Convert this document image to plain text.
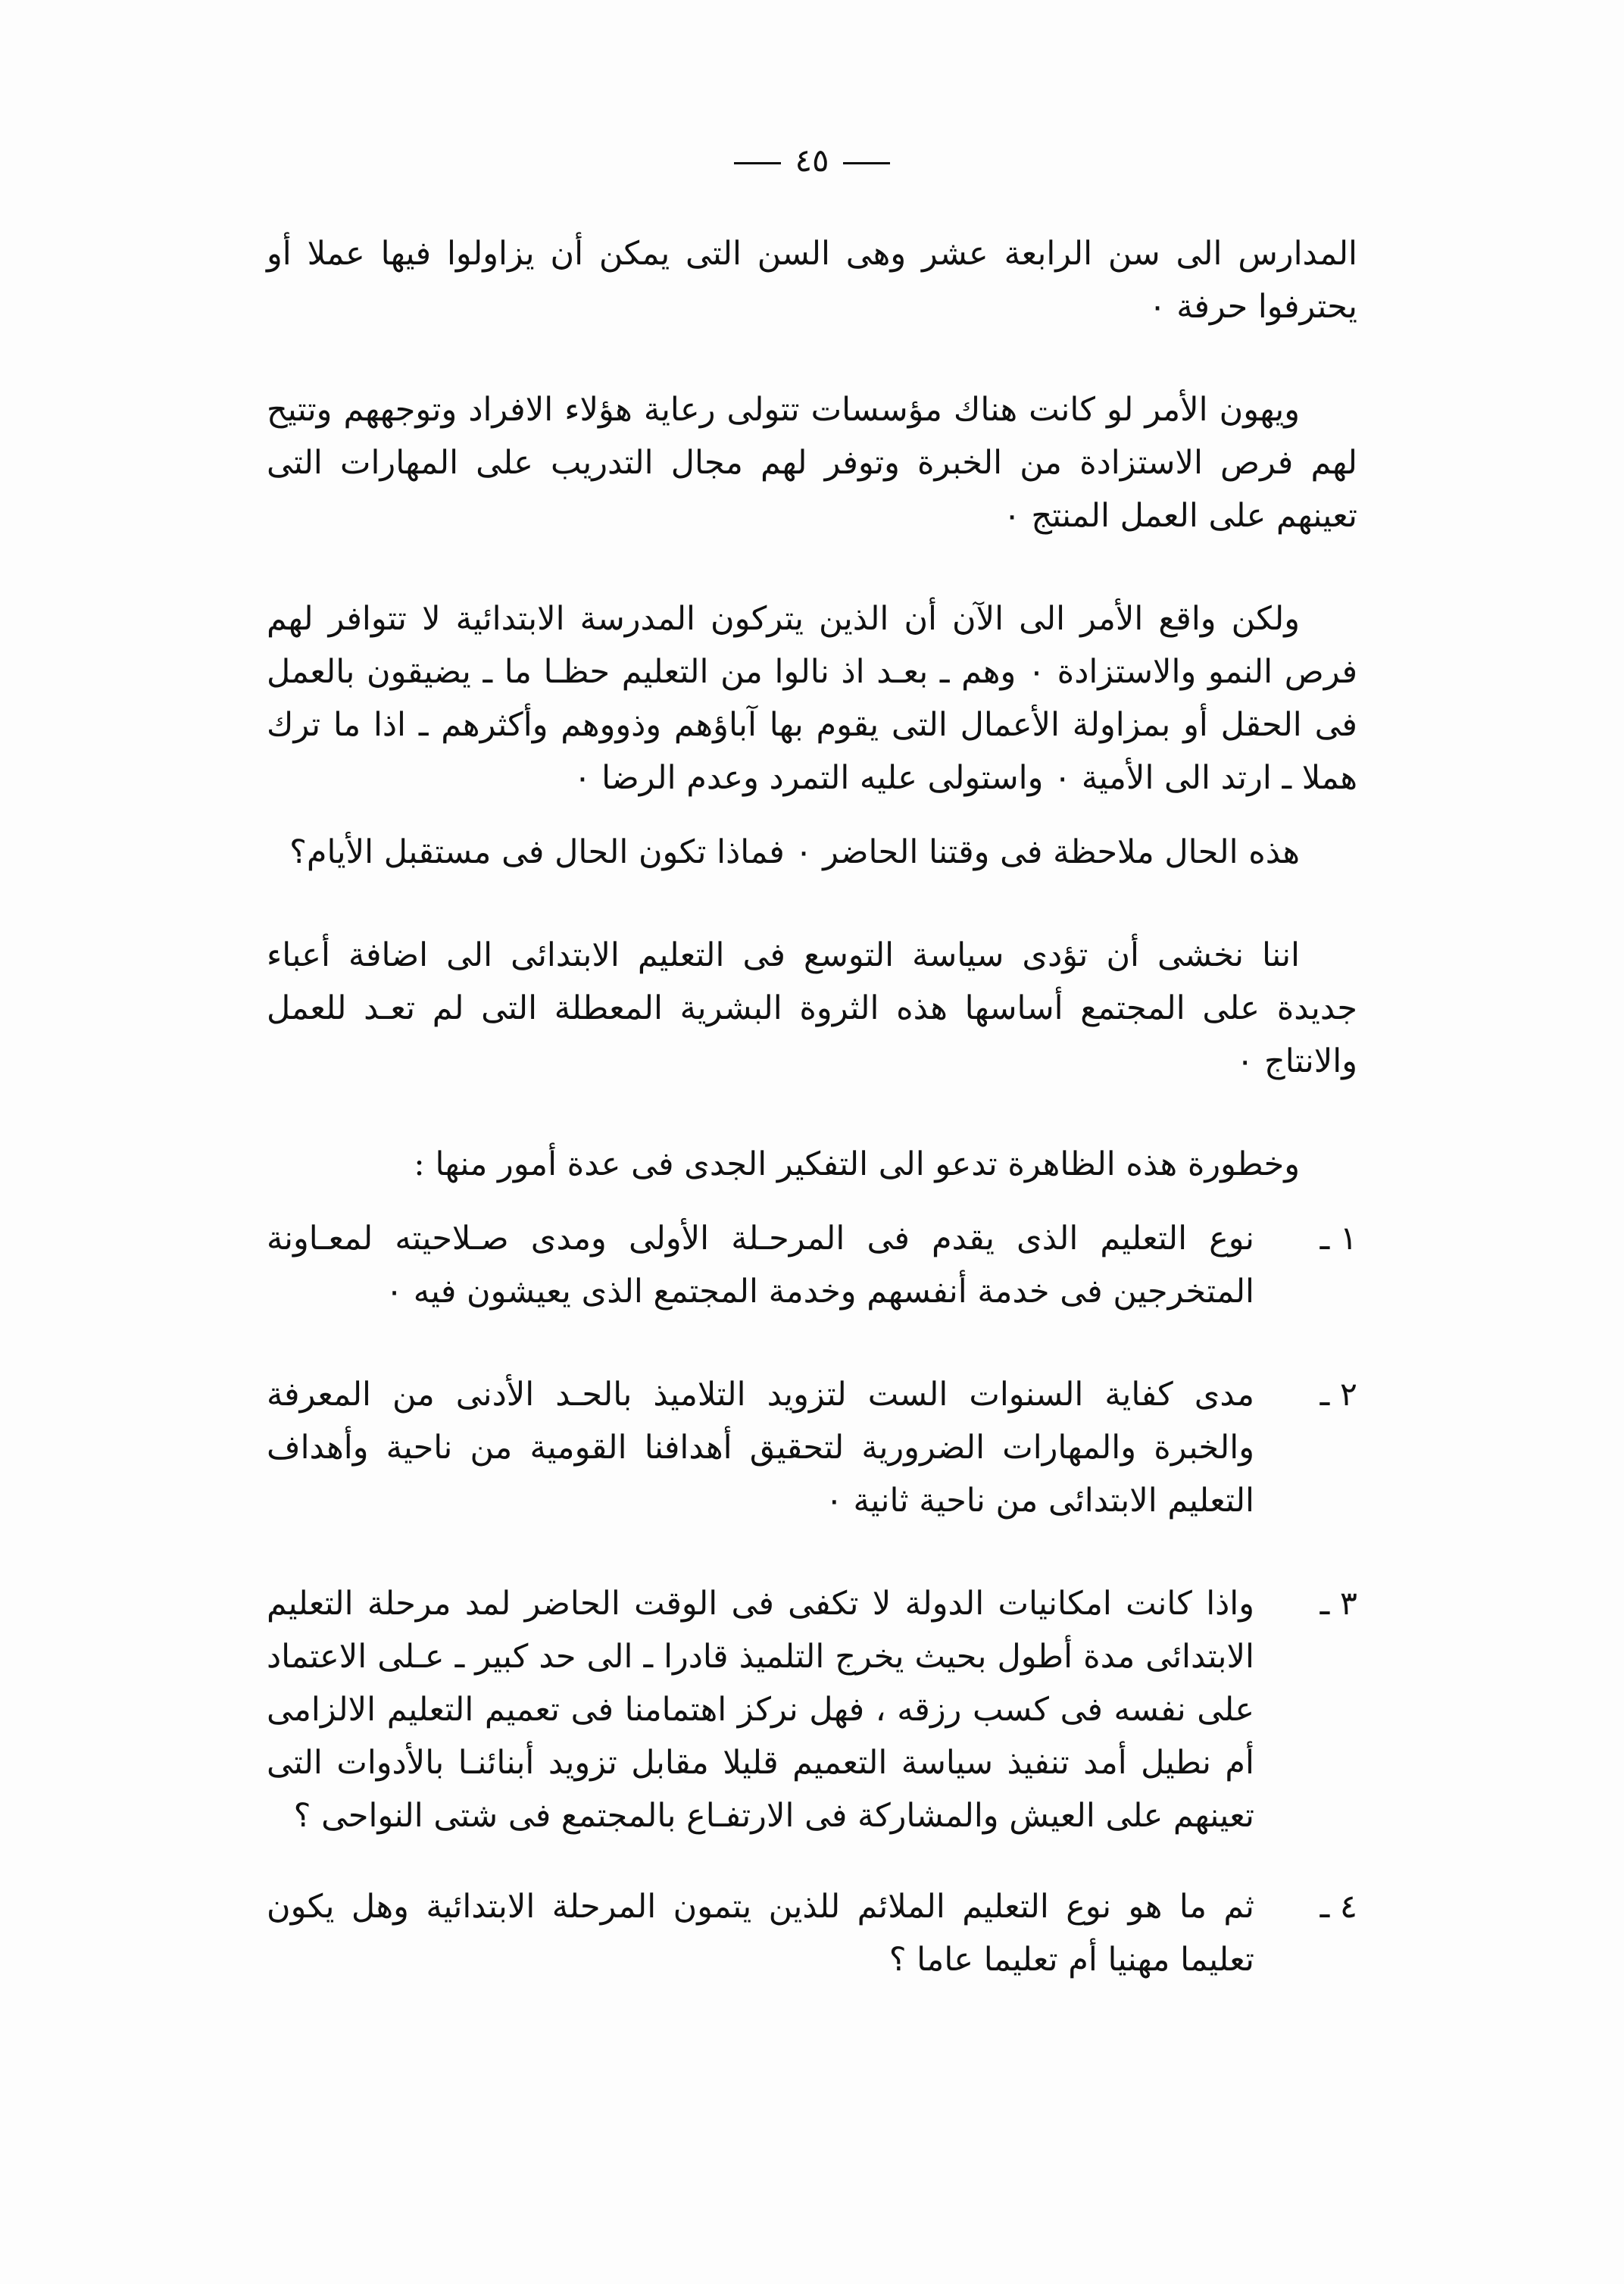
٤٥

المدارس الى سن الرابعة عشر وهى السن التى يمكن أن يزاولوا فيها عملا أو يحترفوا حرفة ٠

ويهون الأمر لو كانت هناك مؤسسات تتولى رعاية هؤلاء الافراد وتوجههم وتتيح لهم فرص الاستزادة من الخبرة وتوفر لهم مجال التدريب على المهارات التى تعينهم على العمل المنتج ٠

ولكن واقع الأمر الى الآن أن الذين يتركون المدرسة الابتدائية لا تتوافر لهم فرص النمو والاستزادة ٠ وهم ـ بعـد اذ نالوا من التعليم حظـا ما ـ يضيقون بالعمل فى الحقل أو بمزاولة الأعمال التى يقوم بها آباؤهم وذووهم وأكثرهم ـ اذا ما ترك هملا ـ ارتد الى الأمية ٠ واستولى عليه التمرد وعدم الرضا ٠

هذه الحال ملاحظة فى وقتنا الحاضر ٠ فماذا تكون الحال فى مستقبل الأيام؟

اننا نخشى أن تؤدى سياسة التوسع فى التعليم الابتدائى الى اضافة أعباء جديدة على المجتمع أساسها هذه الثروة البشرية المعطلة التى لم تعـد للعمل والانتاج ٠

وخطورة هذه الظاهرة تدعو الى التفكير الجدى فى عدة أمور منها :

١ ـ
نوع التعليم الذى يقدم فى المرحـلة الأولى ومدى صـلاحيته لمعـاونة المتخرجين فى خدمة أنفسهم وخدمة المجتمع الذى يعيشون فيه ٠
٢ ـ
مدى كفاية السنوات الست لتزويد التلاميذ بالحـد الأدنى من المعرفة والخبرة والمهارات الضرورية لتحقيق أهدافنا القومية من ناحية وأهداف التعليم الابتدائى من ناحية ثانية ٠
٣ ـ
واذا كانت امكانيات الدولة لا تكفى فى الوقت الحاضر لمد مرحلة التعليم الابتدائى مدة أطول بحيث يخرج التلميذ قادرا ـ الى حد كبير ـ عـلى الاعتماد على نفسه فى كسب رزقه ، فهل نركز اهتمامنا فى تعميم التعليم الالزامى أم نطيل أمد تنفيذ سياسة التعميم قليلا مقابل تزويد أبنائنـا بالأدوات التى تعينهم على العيش والمشاركة فى الارتفـاع بالمجتمع فى شتى النواحى ؟
٤ ـ
ثم ما هو نوع التعليم الملائم للذين يتمون المرحلة الابتدائية وهل يكون تعليما مهنيا أم تعليما عاما ؟
